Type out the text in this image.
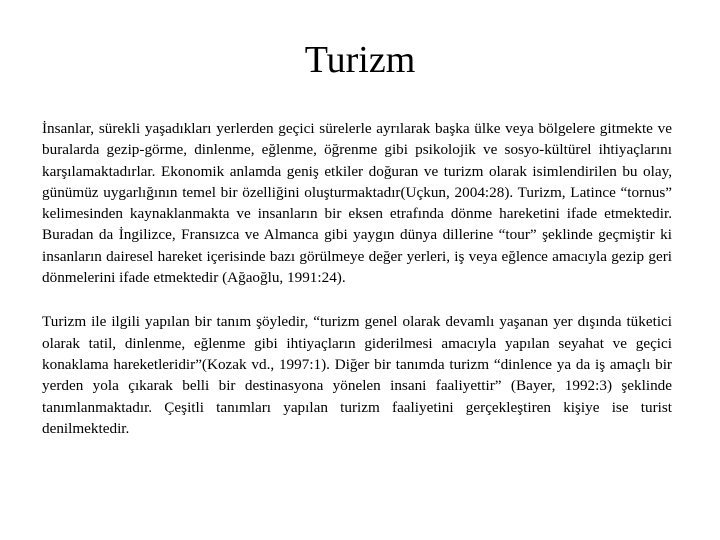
Turizm

İnsanlar, sürekli yaşadıkları yerlerden geçici sürelerle ayrılarak başka ülke veya bölgelere gitmekte ve buralarda gezip-görme, dinlenme, eğlenme, öğrenme gibi psikolojik ve sosyo-kültürel ihtiyaçlarını karşılamaktadırlar. Ekonomik anlamda geniş etkiler doğuran ve turizm olarak isimlendirilen bu olay, günümüz uygarlığının temel bir özelliğini oluşturmaktadır(Uçkun, 2004:28). Turizm, Latince “tornus” kelimesinden kaynaklanmakta ve insanların bir eksen etrafında dönme hareketini ifade etmektedir. Buradan da İngilizce, Fransızca ve Almanca gibi yaygın dünya dillerine “tour” şeklinde geçmiştir ki insanların dairesel hareket içerisinde bazı görülmeye değer yerleri, iş veya eğlence amacıyla gezip geri dönmelerini ifade etmektedir (Ağaoğlu, 1991:24).

Turizm ile ilgili yapılan bir tanım şöyledir, “turizm genel olarak devamlı yaşanan yer dışında tüketici olarak tatil, dinlenme, eğlenme gibi ihtiyaçların giderilmesi amacıyla yapılan seyahat ve geçici konaklama hareketleridir”(Kozak vd., 1997:1). Diğer bir tanımda turizm “dinlence ya da iş amaçlı bir yerden yola çıkarak belli bir destinasyona yönelen insani faaliyettir” (Bayer, 1992:3) şeklinde tanımlanmaktadır. Çeşitli tanımları yapılan turizm faaliyetini gerçekleştiren kişiye ise turist denilmektedir.
